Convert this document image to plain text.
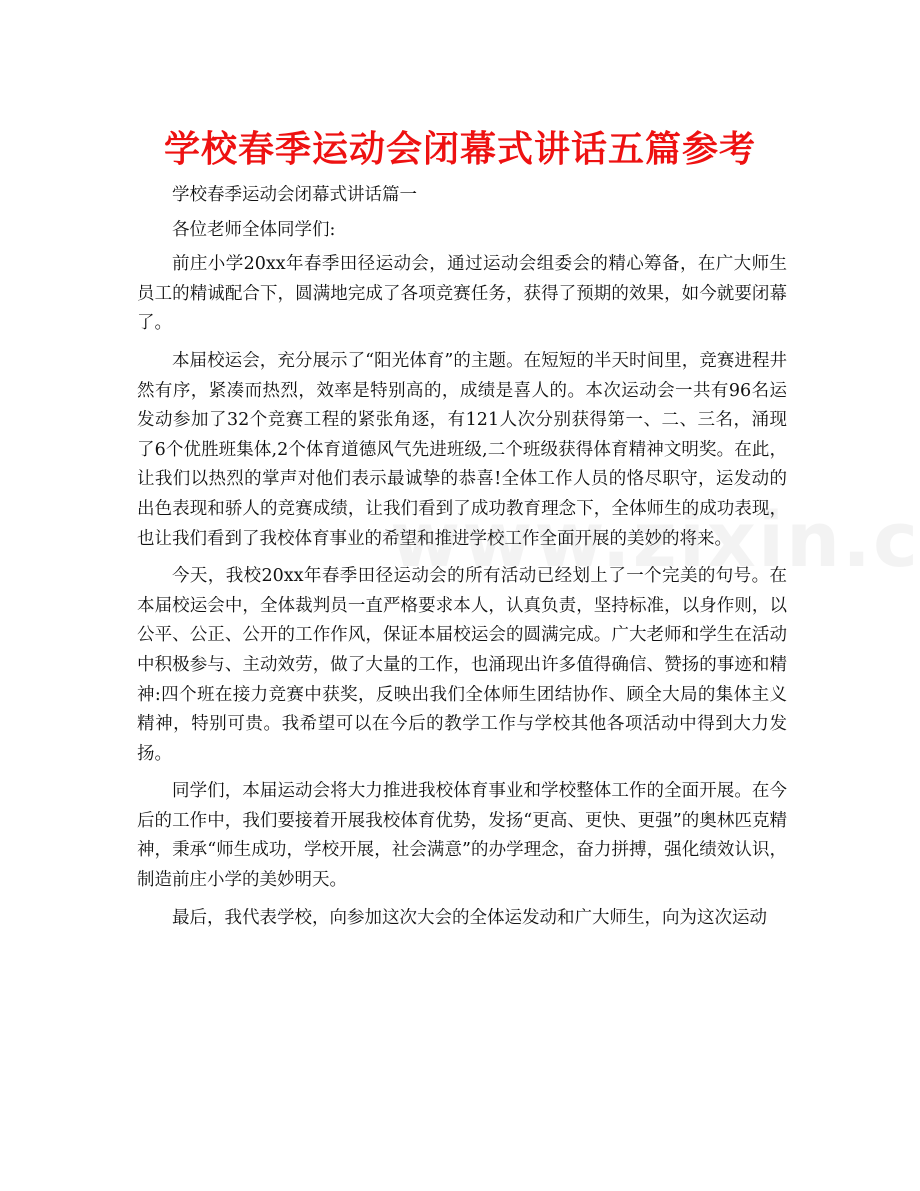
学校春季运动会闭幕式讲话五篇参考

学校春季运动会闭幕式讲话篇一

各位老师全体同学们:

前庄小学20xx年春季田径运动会，通过运动会组委会的精心筹备，在广大师生员工的精诚配合下，圆满地完成了各项竞赛任务，获得了预期的效果，如今就要闭幕了。

本届校运会，充分展示了“阳光体育”的主题。在短短的半天时间里，竞赛进程井然有序，紧凑而热烈，效率是特别高的，成绩是喜人的。本次运动会一共有96名运发动参加了32个竞赛工程的紧张角逐，有121人次分别获得第一、二、三名，涌现了6个优胜班集体,2个体育道德风气先进班级,二个班级获得体育精神文明奖。在此，让我们以热烈的掌声对他们表示最诚挚的恭喜!全体工作人员的恪尽职守，运发动的出色表现和骄人的竞赛成绩，让我们看到了成功教育理念下，全体师生的成功表现，也让我们看到了我校体育事业的希望和推进学校工作全面开展的美妙的将来。

今天，我校20xx年春季田径运动会的所有活动已经划上了一个完美的句号。在本届校运会中，全体裁判员一直严格要求本人，认真负责，坚持标准，以身作则，以公平、公正、公开的工作作风，保证本届校运会的圆满完成。广大老师和学生在活动中积极参与、主动效劳，做了大量的工作，也涌现出许多值得确信、赞扬的事迹和精神:四个班在接力竞赛中获奖，反映出我们全体师生团结协作、顾全大局的集体主义精神，特别可贵。我希望可以在今后的教学工作与学校其他各项活动中得到大力发扬。

同学们，本届运动会将大力推进我校体育事业和学校整体工作的全面开展。在今后的工作中，我们要接着开展我校体育优势，发扬“更高、更快、更强”的奥林匹克精神，秉承“师生成功，学校开展，社会满意”的办学理念，奋力拼搏，强化绩效认识，制造前庄小学的美妙明天。

最后，我代表学校，向参加这次大会的全体运发动和广大师生，向为这次运动
